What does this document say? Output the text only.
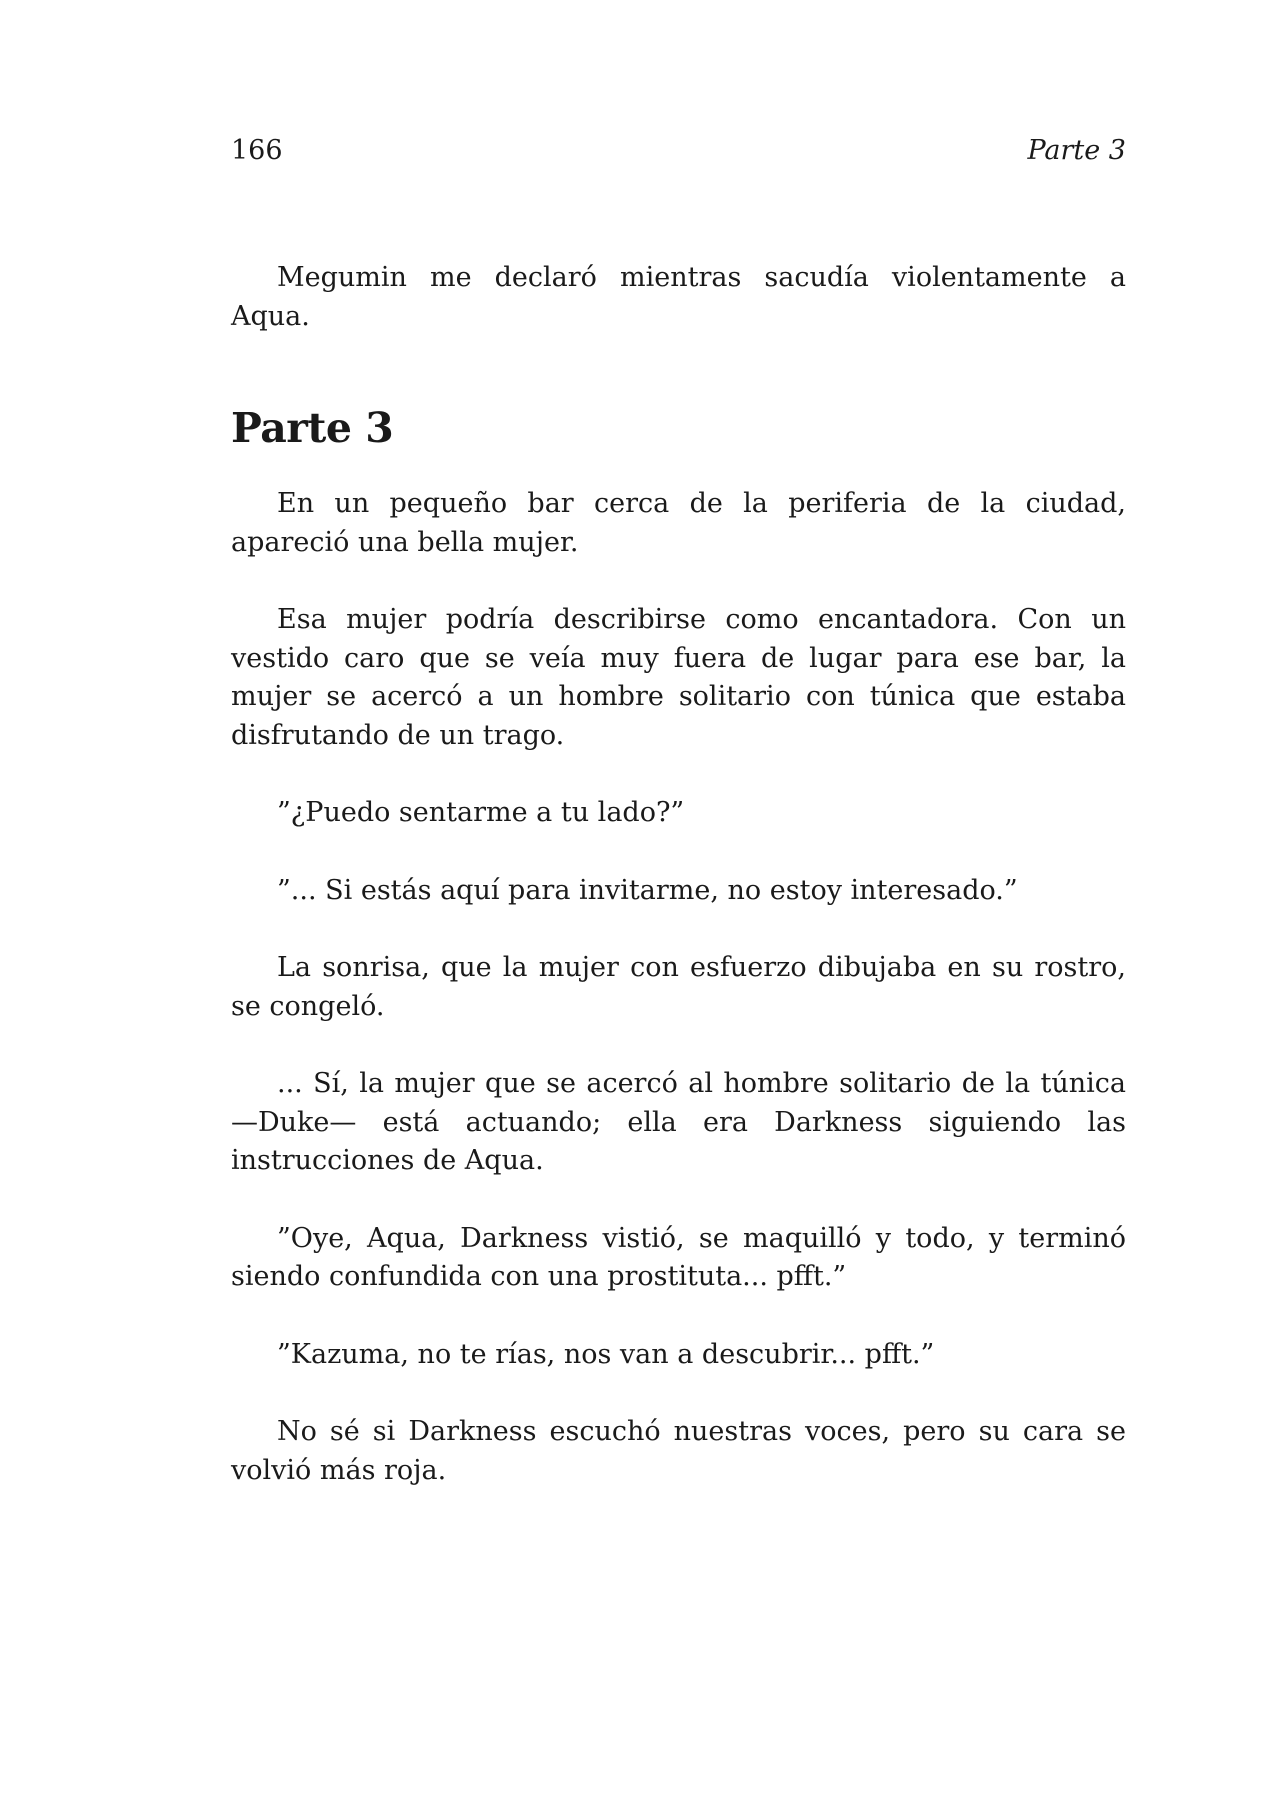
166	Parte 3

Megumin me declaró mientras sacudía violentamente a Aqua.

Parte 3

En un pequeño bar cerca de la periferia de la ciudad, apareció una bella mujer.

Esa mujer podría describirse como encantadora. Con un vestido caro que se veía muy fuera de lugar para ese bar, la mujer se acercó a un hombre solitario con túnica que estaba disfrutando de un trago.

”¿Puedo sentarme a tu lado?”

”... Si estás aquí para invitarme, no estoy interesado.”

La sonrisa, que la mujer con esfuerzo dibujaba en su rostro, se congeló.

... Sí, la mujer que se acercó al hombre solitario de la túnica —Duke— está actuando; ella era Darkness siguiendo las instrucciones de Aqua.

”Oye, Aqua, Darkness vistió, se maquilló y todo, y terminó siendo confundida con una prostituta... pfft.”

”Kazuma, no te rías, nos van a descubrir... pfft.”

No sé si Darkness escuchó nuestras voces, pero su cara se volvió más roja.
